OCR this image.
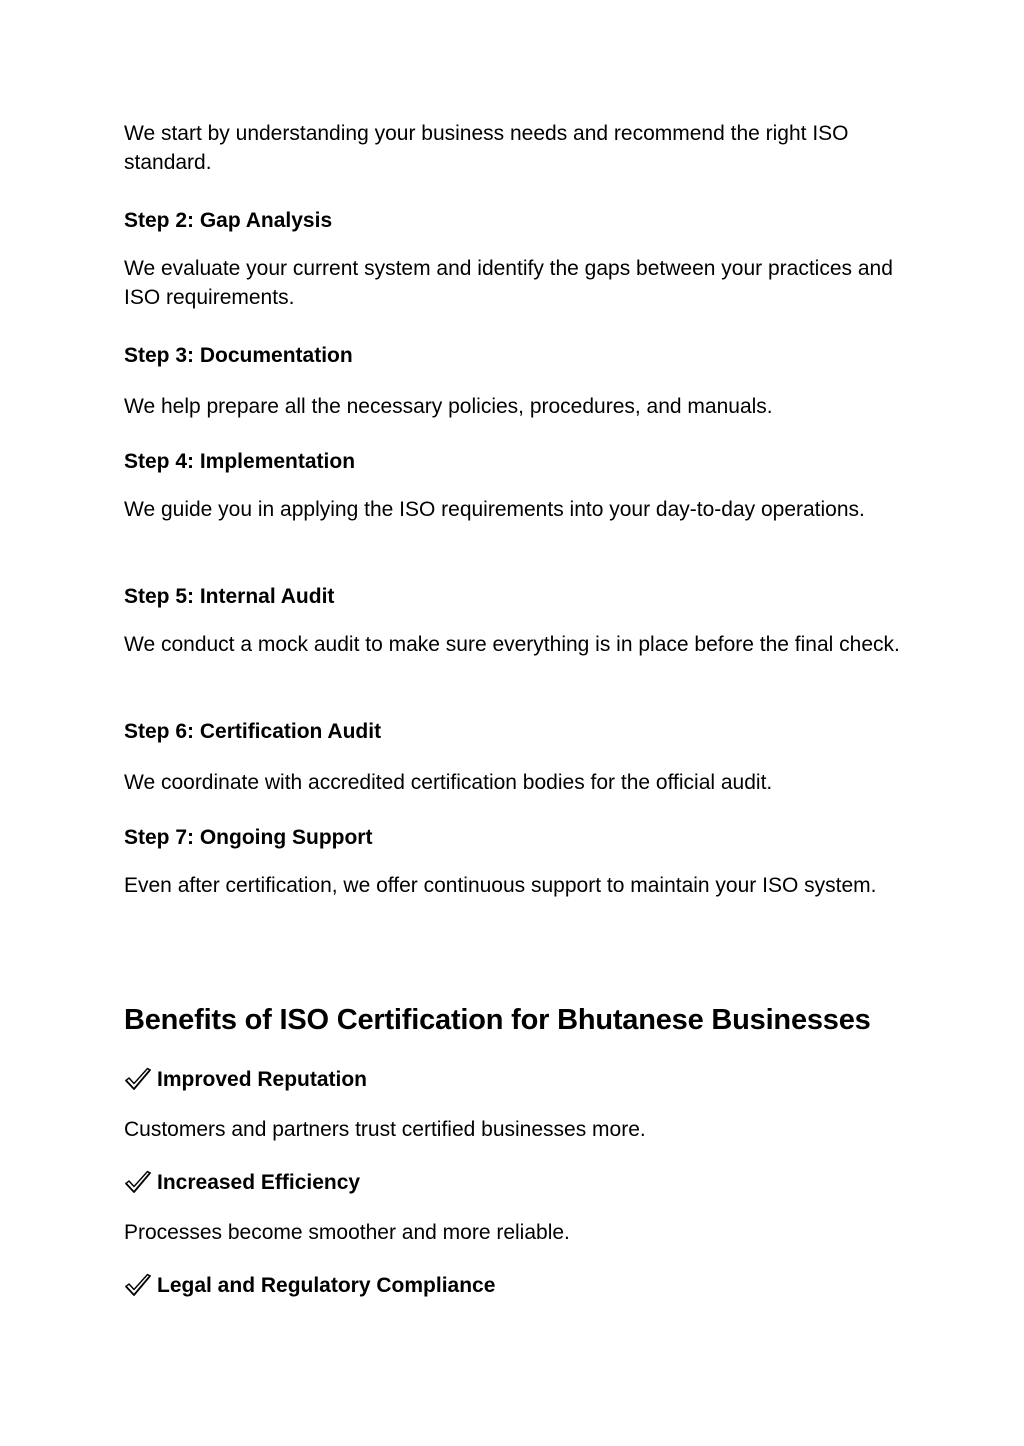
We start by understanding your business needs and recommend the right ISO standard.

Step 2: Gap Analysis

We evaluate your current system and identify the gaps between your practices and ISO requirements.

Step 3: Documentation

We help prepare all the necessary policies, procedures, and manuals.

Step 4: Implementation

We guide you in applying the ISO requirements into your day-to-day operations.

Step 5: Internal Audit

We conduct a mock audit to make sure everything is in place before the final check.

Step 6: Certification Audit

We coordinate with accredited certification bodies for the official audit.

Step 7: Ongoing Support

Even after certification, we offer continuous support to maintain your ISO system.

Benefits of ISO Certification for Bhutanese Businesses
Improved Reputation

Customers and partners trust certified businesses more.

Increased Efficiency

Processes become smoother and more reliable.

Legal and Regulatory Compliance
